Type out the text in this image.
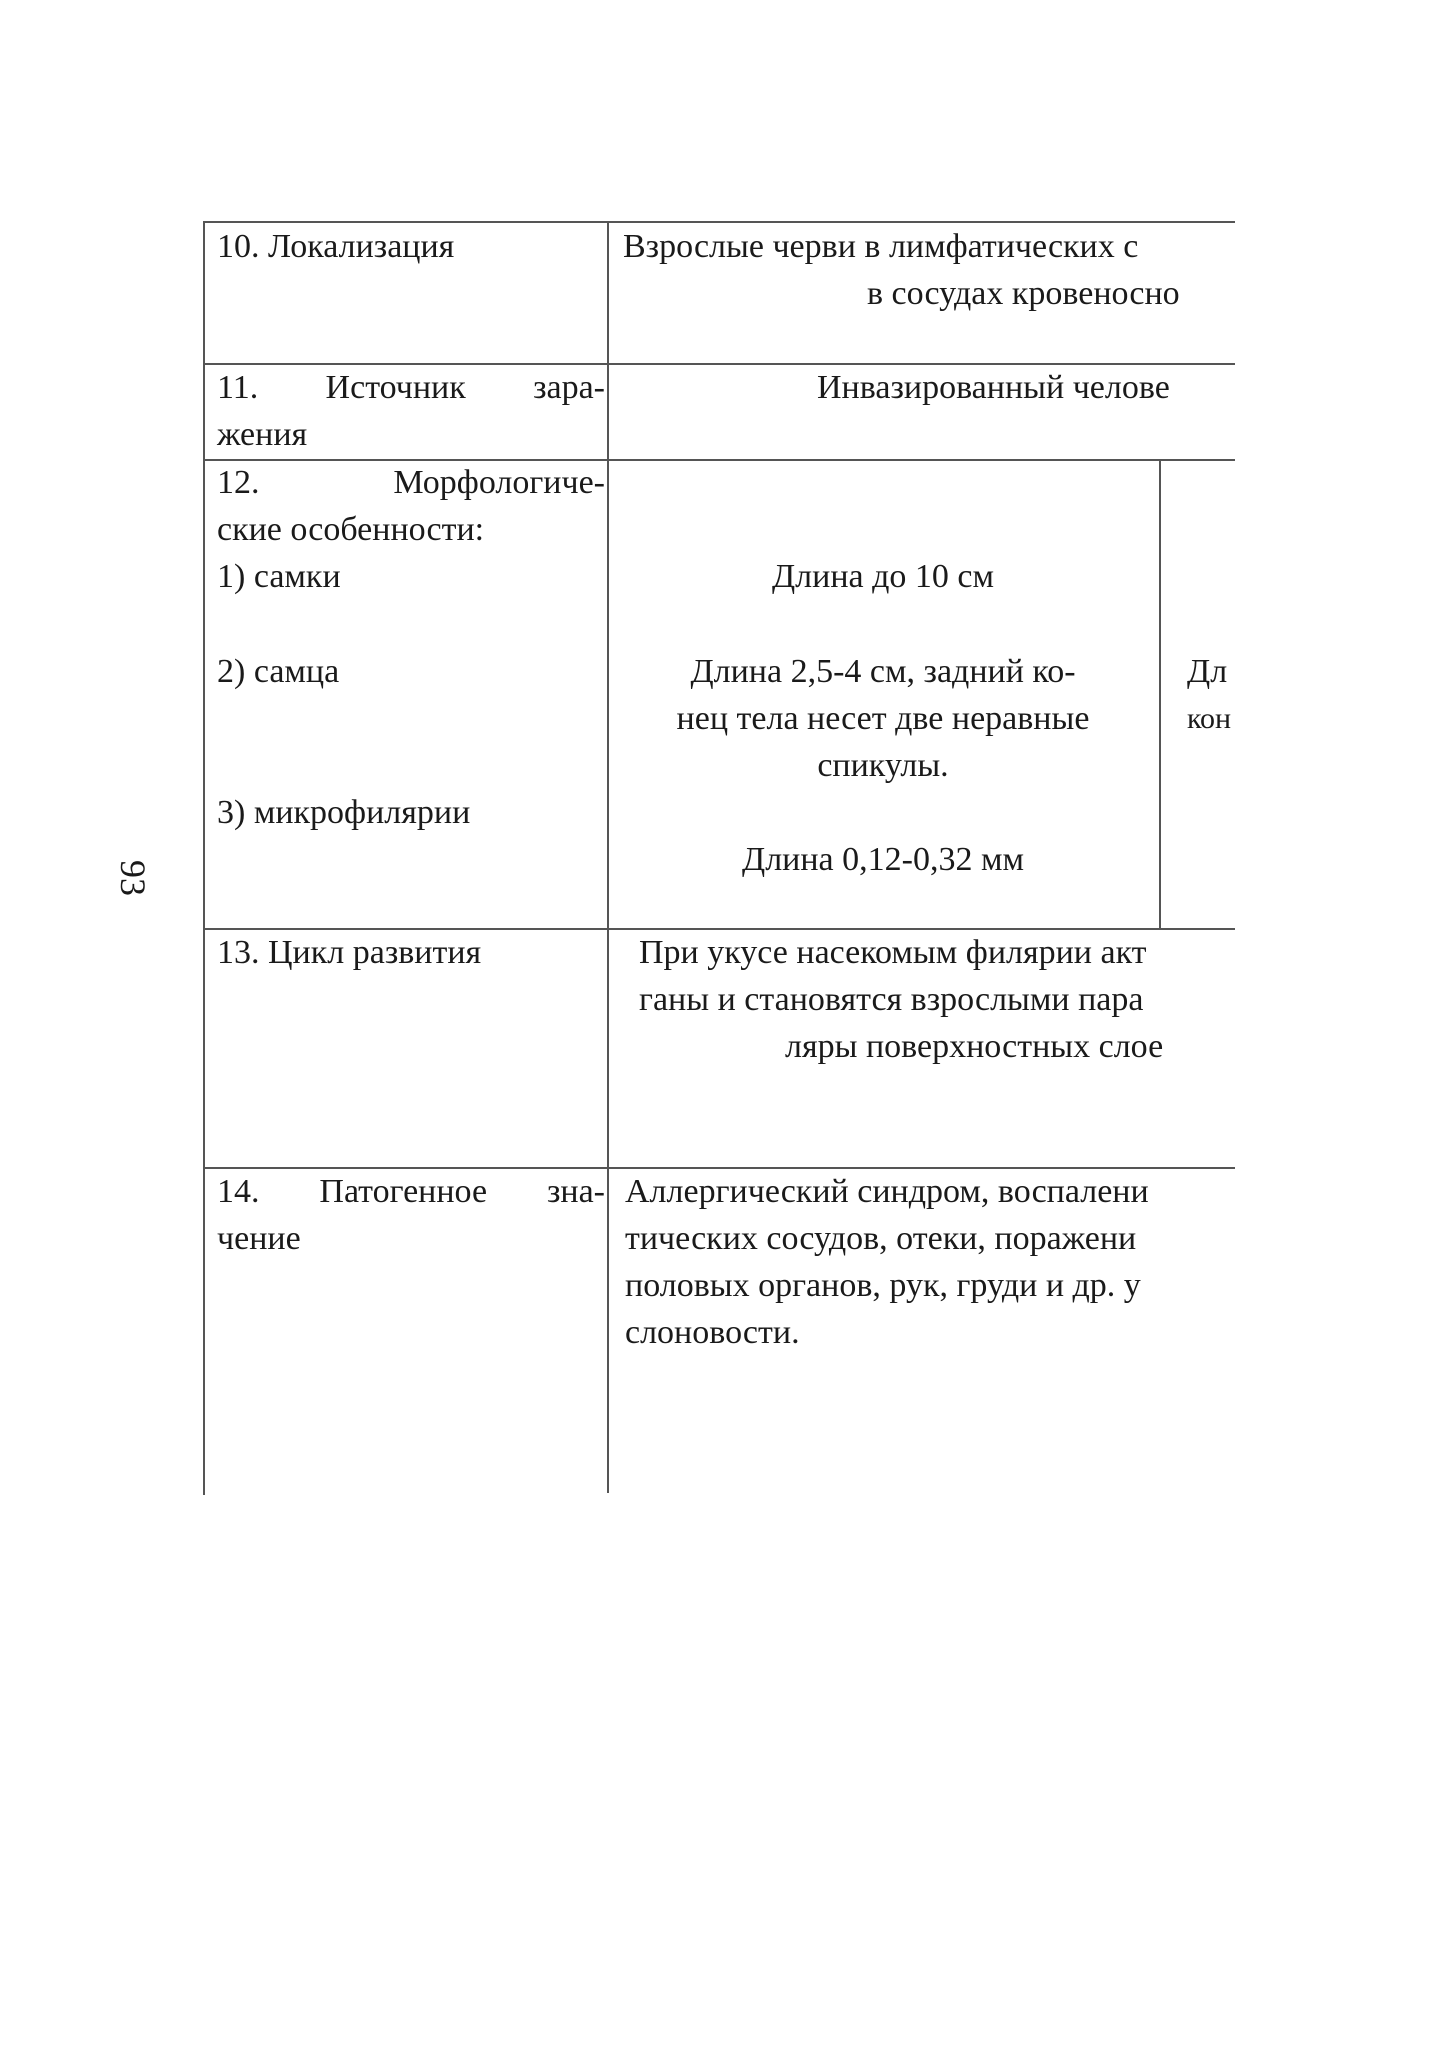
93
10. Локализация	Взрослые черви в лимфатических с
в сосудах кровеносно
11. Источник зара-
жения
Инвазированный челове
12. Морфологиче-
ские особенности:
1) самки
2) самца
3) микрофилярии
Длина до 10 см
Длина 2,5-4 см, задний ко-
нец тела несет две неравные
спикулы.
Длина 0,12-0,32 мм
Дл
кон
13. Цикл развития	При укусе насекомым филярии акт
ганы и становятся взрослыми пара
ляры поверхностных слое
14. Патогенное зна-
чение
Аллергический синдром, воспалени
тических сосудов, отеки, поражени
половых органов, рук, груди и др. у
слоновости.
